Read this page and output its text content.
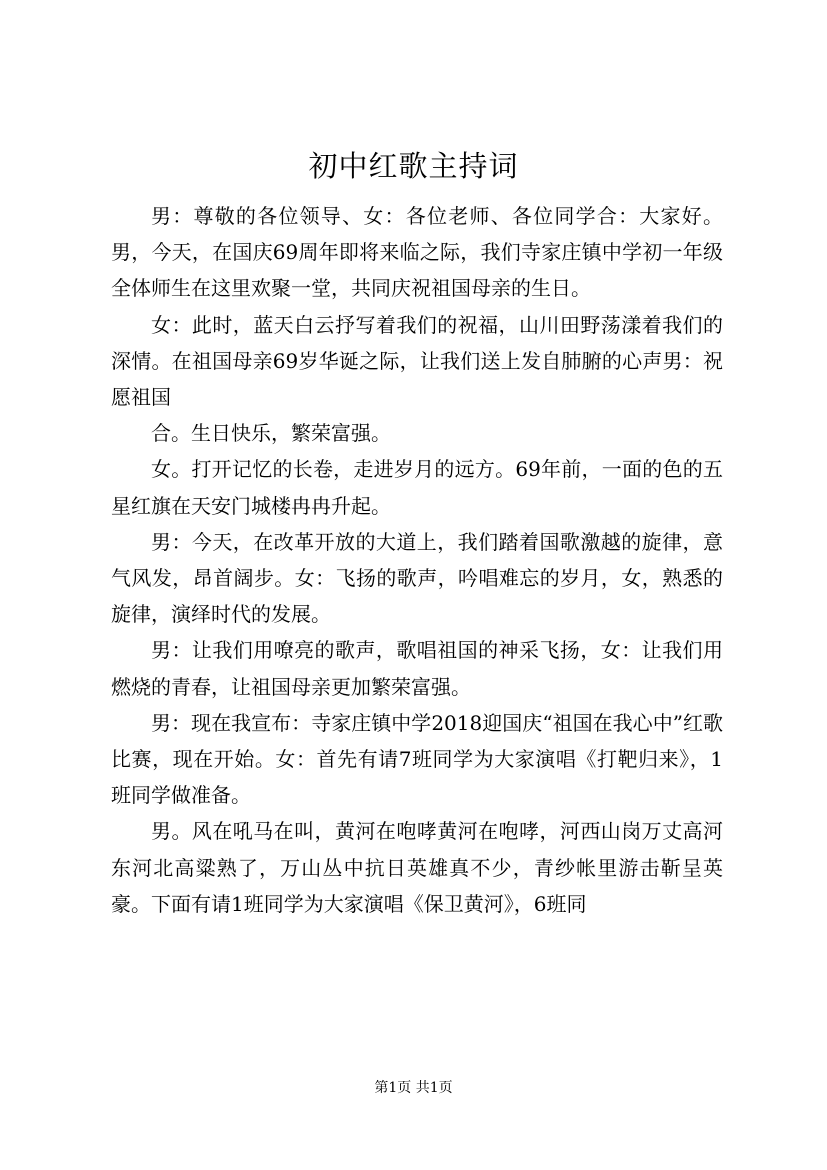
初中红歌主持词

男：尊敬的各位领导、女：各位老师、各位同学合：大家好。男，今天，在国庆69周年即将来临之际，我们寺家庄镇中学初一年级全体师生在这里欢聚一堂，共同庆祝祖国母亲的生日。

女：此时，蓝天白云抒写着我们的祝福，山川田野荡漾着我们的深情。在祖国母亲69岁华诞之际，让我们送上发自肺腑的心声男：祝愿祖国

合。生日快乐，繁荣富强。

女。打开记忆的长卷，走进岁月的远方。69年前，一面的色的五星红旗在天安门城楼冉冉升起。

男：今天，在改革开放的大道上，我们踏着国歌激越的旋律，意气风发，昂首阔步。女：飞扬的歌声，吟唱难忘的岁月，女，熟悉的旋律，演绎时代的发展。

男：让我们用嘹亮的歌声，歌唱祖国的神采飞扬，女：让我们用燃烧的青春，让祖国母亲更加繁荣富强。

男：现在我宣布：寺家庄镇中学2018迎国庆“祖国在我心中”红歌比赛，现在开始。女：首先有请7班同学为大家演唱《打靶归来》，1班同学做准备。

男。风在吼马在叫，黄河在咆哮黄河在咆哮，河西山岗万丈高河东河北高粱熟了，万山丛中抗日英雄真不少，青纱帐里游击靳呈英豪。下面有请1班同学为大家演唱《保卫黄河》，6班同

第1页 共1页
